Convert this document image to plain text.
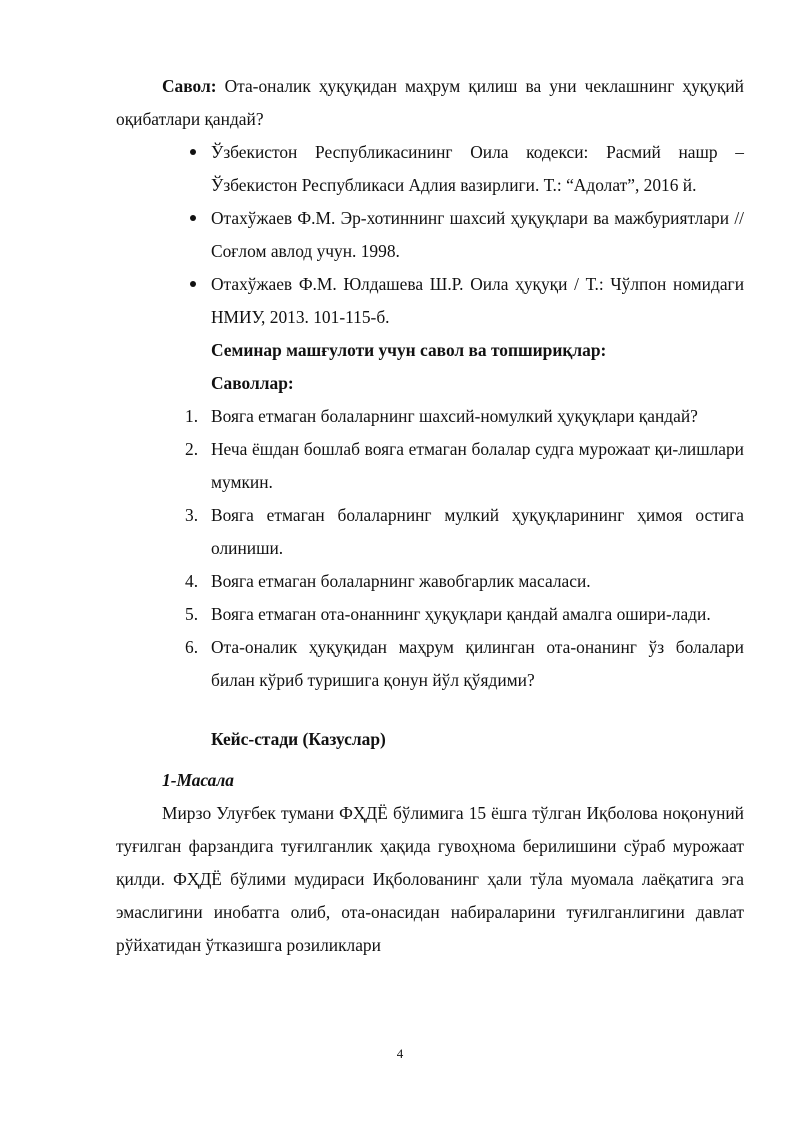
Савол: Ота-оналик ҳуқуқидан маҳрум қилиш ва уни чеклашнинг ҳуқуқий оқибатлари қандай?

Ўзбекистон Республикасининг Оила кодекси: Расмий нашр – Ўзбекистон Республикаси Адлия вазирлиги. Т.: “Адолат”, 2016 й.
Отахўжаев Ф.М. Эр-хотиннинг шахсий ҳуқуқлари ва мажбуриятлари // Соғлом авлод учун. 1998.
Отахўжаев Ф.М. Юлдашева Ш.Р. Оила ҳуқуқи / Т.: Чўлпон номидаги НМИУ, 2013. 101-115-б.

Семинар машғулоти учун савол ва топшириқлар:

Саволлар:

1. Вояга етмаган болаларнинг шахсий-номулкий ҳуқуқлари қандай?
2. Неча ёшдан бошлаб вояга етмаган болалар судга мурожаат қи-лишлари мумкин.
3. Вояга етмаган болаларнинг мулкий ҳуқуқларининг ҳимоя остига олиниши.
4. Вояга етмаган болаларнинг жавобгарлик масаласи.
5. Вояга етмаган ота-онаннинг ҳуқуқлари қандай амалга ошири-лади.
6. Ота-оналик ҳуқуқидан маҳрум қилинган ота-онанинг ўз болалари билан кўриб туришига қонун йўл қўядими?

Кейс-стади (Казуслар)

1-Масала

Мирзо Улуғбек тумани ФҲДЁ бўлимига 15 ёшга тўлган Иқболова ноқонуний туғилган фарзандига туғилганлик ҳақида гувоҳнома берилишини сўраб мурожаат қилди. ФҲДЁ бўлими мудираси Иқболованинг ҳали тўла муомала лаёқатига эга эмаслигини инобатга олиб, ота-онасидан набираларини туғилганлигини давлат рўйхатидан ўтказишга розиликлари

4
